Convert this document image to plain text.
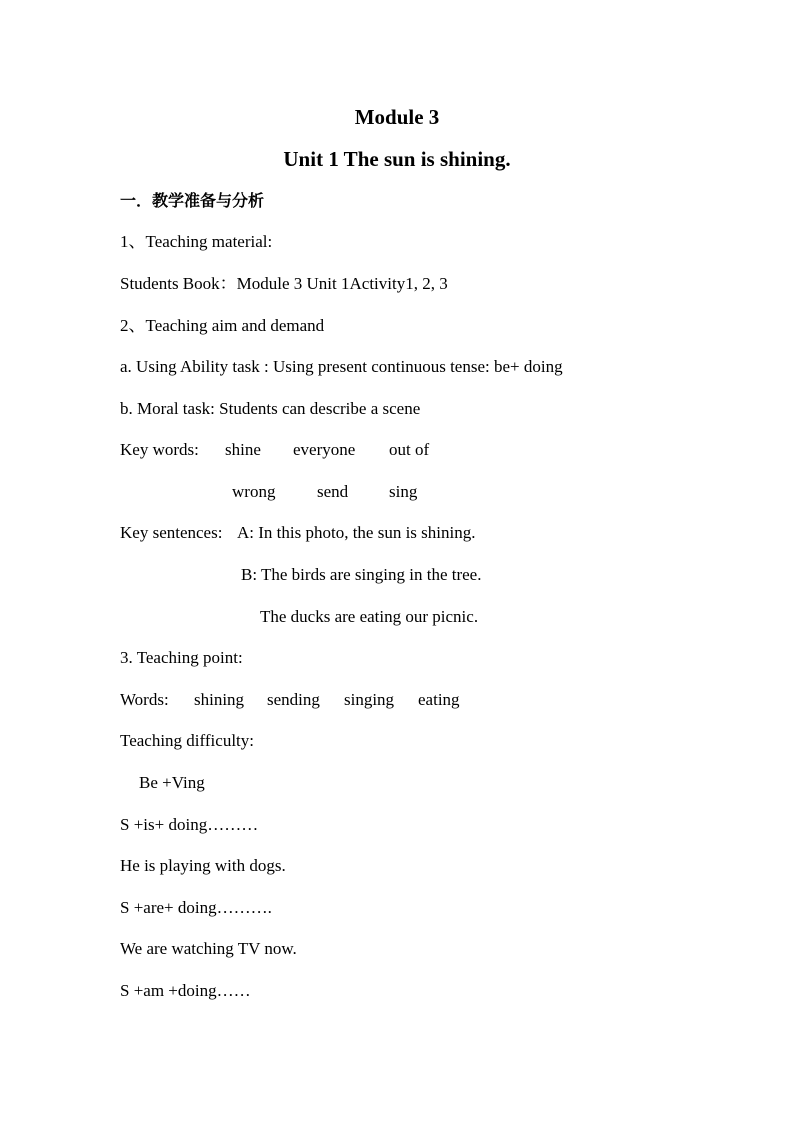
Module 3
Unit 1 The sun is shining.
一．教学准备与分析
1、Teaching material:
Students Book：Module 3 Unit 1Activity1, 2, 3
2、Teaching aim and demand
a. Using Ability task : Using present continuous tense: be+ doing
b. Moral task: Students can describe a scene
Key words: shine everyone out of
wrong send sing
Key sentences: A: In this photo, the sun is shining.
B: The birds are singing in the tree.
The ducks are eating our picnic.
3. Teaching point:
Words: shining sending singing eating
Teaching difficulty:
Be +Ving
S +is+ doing………
He is playing with dogs.
S +are+ doing……….
We are watching TV now.
S +am +doing……
